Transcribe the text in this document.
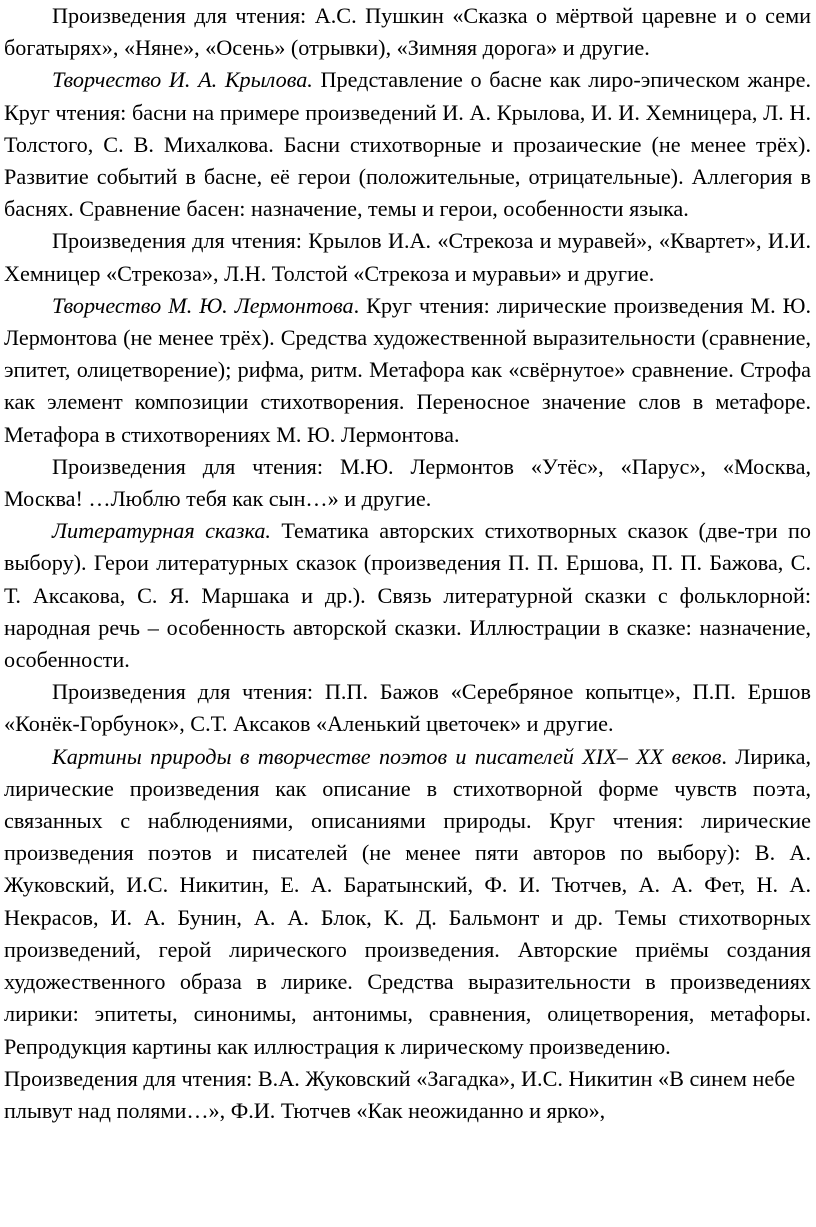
Произведения для чтения: А.С. Пушкин «Сказка о мёртвой царевне и о семи богатырях», «Няне», «Осень» (отрывки), «Зимняя дорога» и другие.

Творчество И. А. Крылова. Представление о басне как лиро-эпическом жанре. Круг чтения: басни на примере произведений И. А. Крылова, И. И. Хемницера, Л. Н. Толстого, С. В. Михалкова. Басни стихотворные и прозаические (не менее трёх). Развитие событий в басне, её герои (положительные, отрицательные). Аллегория в баснях. Сравнение басен: назначение, темы и герои, особенности языка.

Произведения для чтения: Крылов И.А. «Стрекоза и муравей», «Квартет», И.И. Хемницер «Стрекоза», Л.Н. Толстой «Стрекоза и муравьи» и другие.

Творчество М. Ю. Лермонтова. Круг чтения: лирические произведения М. Ю. Лермонтова (не менее трёх). Средства художественной выразительности (сравнение, эпитет, олицетворение); рифма, ритм. Метафора как «свёрнутое» сравнение. Строфа как элемент композиции стихотворения. Переносное значение слов в метафоре. Метафора в стихотворениях М. Ю. Лермонтова.

Произведения для чтения: М.Ю. Лермонтов «Утёс», «Парус», «Москва, Москва! …Люблю тебя как сын…» и другие.

Литературная сказка. Тематика авторских стихотворных сказок (две-три по выбору). Герои литературных сказок (произведения П. П. Ершова, П. П. Бажова, С. Т. Аксакова, С. Я. Маршака и др.). Связь литературной сказки с фольклорной: народная речь – особенность авторской сказки. Иллюстрации в сказке: назначение, особенности.

Произведения для чтения: П.П. Бажов «Серебряное копытце», П.П. Ершов «Конёк-Горбунок», С.Т. Аксаков «Аленький цветочек» и другие.

Картины природы в творчестве поэтов и писателей XIX– XX веков. Лирика, лирические произведения как описание в стихотворной форме чувств поэта, связанных с наблюдениями, описаниями природы. Круг чтения: лирические произведения поэтов и писателей (не менее пяти авторов по выбору): В. А. Жуковский, И.С. Никитин, Е. А. Баратынский, Ф. И. Тютчев, А. А. Фет, Н. А. Некрасов, И. А. Бунин, А. А. Блок, К. Д. Бальмонт и др. Темы стихотворных произведений, герой лирического произведения. Авторские приёмы создания художественного образа в лирике. Средства выразительности в произведениях лирики: эпитеты, синонимы, антонимы, сравнения, олицетворения, метафоры. Репродукция картины как иллюстрация к лирическому произведению.

Произведения для чтения: В.А. Жуковский «Загадка», И.С. Никитин «В синем небе плывут над полями…», Ф.И. Тютчев «Как неожиданно и ярко»,
